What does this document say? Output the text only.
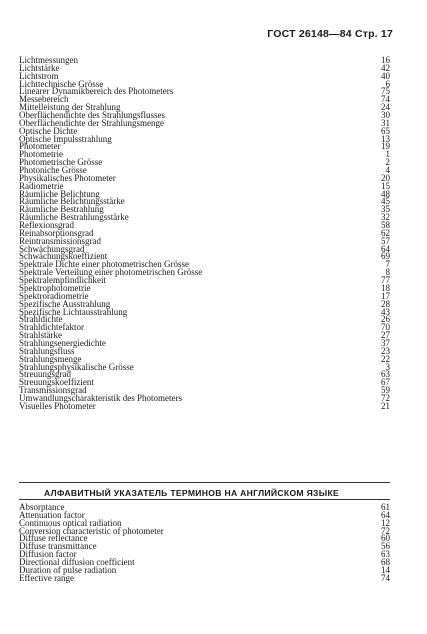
ГОСТ 26148—84 Стр. 17
Lichtmessungen	16
Lichtstärke	42
Lichtstrom	40
Lichttechnische Grösse	6
Linearer Dynamikbereich des Photometers	75
Messebereich	74
Mittelleistung der Strahlung	24
Oberflächendichte des Strahlungsflusses	30
Oberflächendichte der Strahlungsmenge	31
Optische Dichte	65
Optische Impulsstrahlung	13
Photometer	19
Photometrie	1
Photometrische Grösse	2
Photoniche Grösse	4
Physikalisches Photometer	20
Radiometrie	15
Räumliche Belichtung	48
Räumliche Belichtungsstärke	45
Räumliche Bestrahlung	35
Räumliche Bestrahlungsstärke	32
Reflexionsgrad	58
Reinabsorptionsgrad	62
Reintransmissionsgrad	57
Schwächungsgrad	64
Schwächungskoeffizient	69
Spektrale Dichte einer photometrischen Grösse	7
Spektrale Verteilung einer photometrischen Grösse	8
Spektralempfindlichkeit	77
Spektrophotometrie	18
Spektroradiometrie	17
Spezifische Ausstrahlung	28
Spezifische Lichtausstrahlung	43
Strahldichte	26
Strahldichtefaktor	70
Strahlstärke	27
Strahlungsenergiedichte	37
Strahlungsfluss	23
Strahlungsmenge	22
Strahlungsphysikalische Grösse	3
Streuungsgrad	63
Streuungskoeffizient	67
Transmissionsgrad	59
Umwandlungscharakteristik des Photometers	72
Visuelles Photometer	21
АЛФАВИТНЫЙ УКАЗАТЕЛЬ ТЕРМИНОВ НА АНГЛИЙСКОМ ЯЗЫКЕ
Absorptance	61
Attenuation factor	64
Continuous optical radiation	12
Conversion characteristic of photometer	72
Diffuse reflectance	60
Diffuse transmittance	56
Diffusion factor	63
Directional diffusion coefficient	68
Duration of pulse radiation	14
Effective range	74
